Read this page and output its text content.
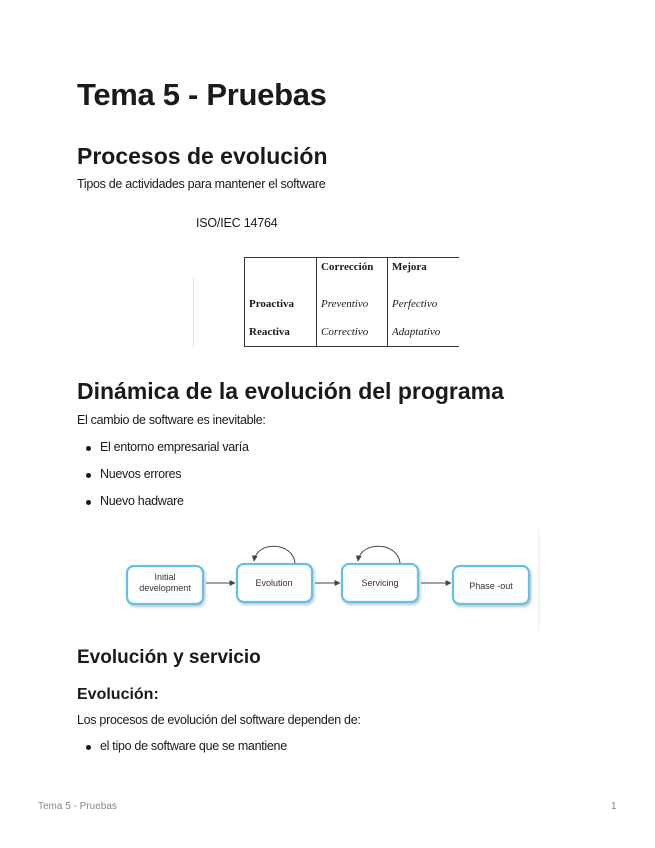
Tema 5 - Pruebas
Procesos de evolución

Tipos de actividades para mantener el software

ISO/IEC 14764
	Corrección	Mejora
Proactiva	Preventivo	Perfectivo
Reactiva	Correctivo	Adaptativo
Dinámica de la evolución del programa

El cambio de software es inevitable:

El entorno empresarial varía
Nuevos errores
Nuevo hadware
Initial development	Evolution	Servicing	Phase -out
Evolución y servicio
Evolución:

Los procesos de evolución del software dependen de:

el tipo de software que se mantiene
Tema 5 - Pruebas	1
